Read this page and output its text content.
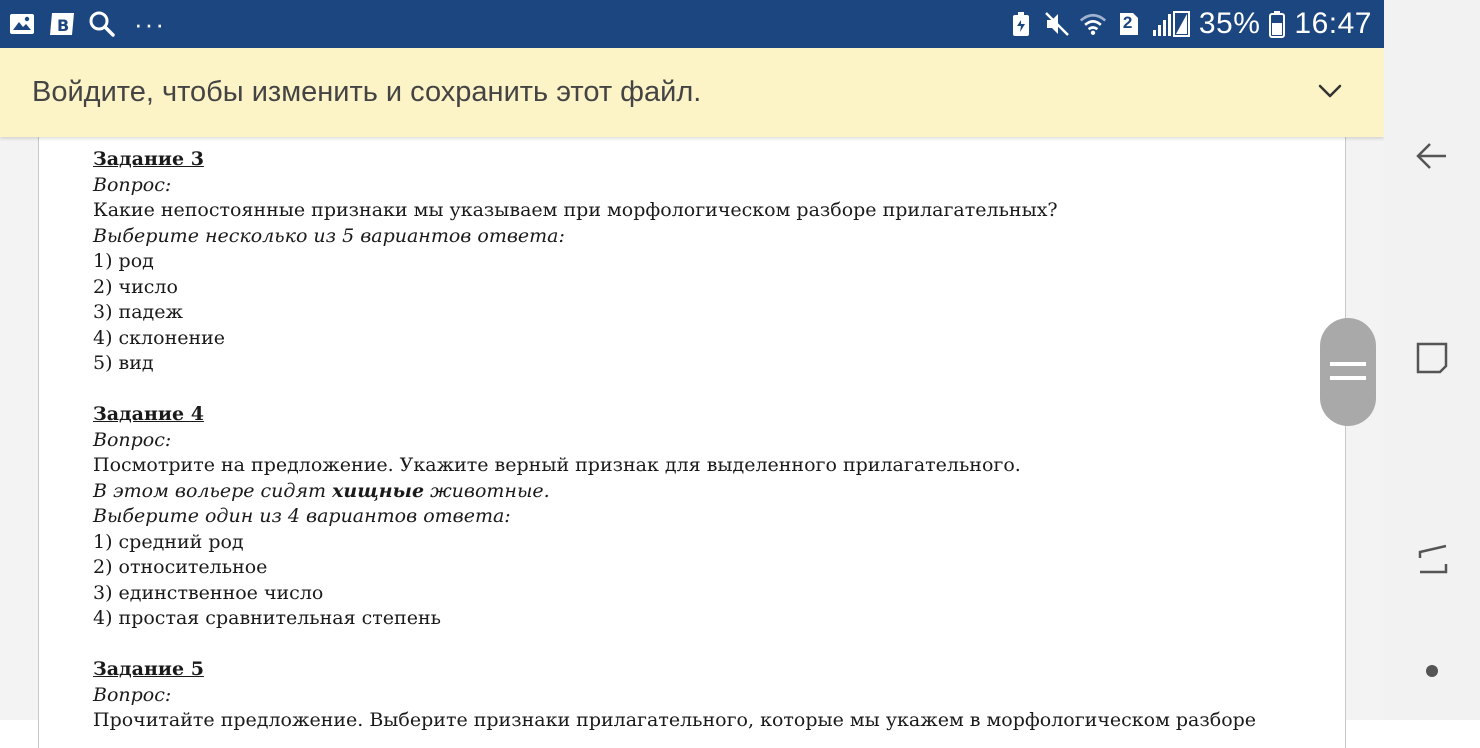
Задание 3
Вопрос:
Какие непостоянные признаки мы указываем при морфологическом разборе прилагательных?
Выберите несколько из 5 вариантов ответа:
1) род
2) число
3) падеж
4) склонение
5) вид
Задание 4
Вопрос:
Посмотрите на предложение. Укажите верный признак для выделенного прилагательного.
В этом вольере сидят хищные животные.
Выберите один из 4 вариантов ответа:
1) средний род
2) относительное
3) единственное число
4) простая сравнительная степень
Задание 5
Вопрос:
Прочитайте предложение. Выберите признаки прилагательного, которые мы укажем в морфологическом разборе
Войдите, чтобы изменить и сохранить этот файл.
B ···	2 35% 16:47
